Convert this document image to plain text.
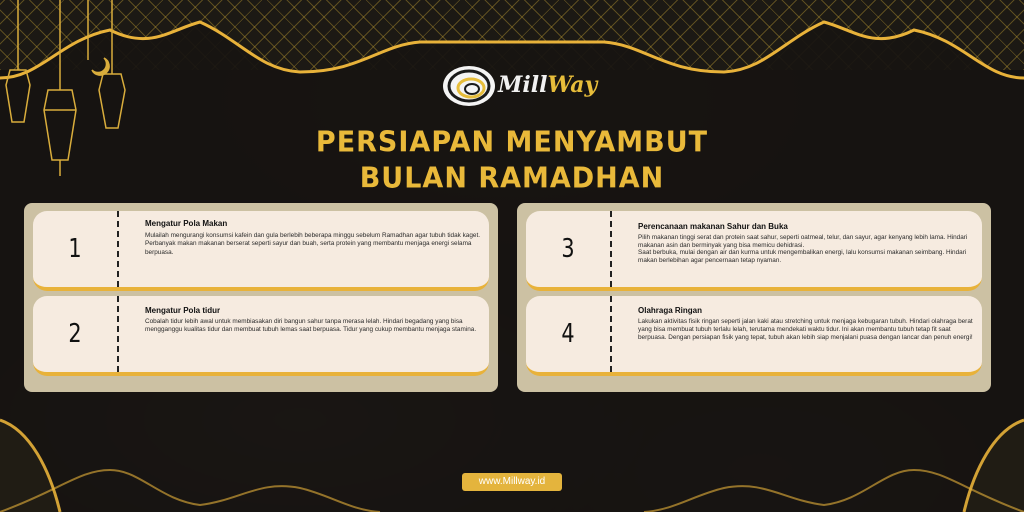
MillWay
PERSIAPAN MENYAMBUT
BULAN RAMADHAN
1
Mengatur Pola Makan
Mulailah mengurangi konsumsi kafein dan gula berlebih beberapa minggu sebelum Ramadhan agar tubuh tidak kaget. Perbanyak makan makanan berserat seperti sayur dan buah, serta protein yang membantu menjaga energi selama berpuasa.
2
Mengatur Pola tidur
Cobalah tidur lebih awal untuk membiasakan diri bangun sahur tanpa merasa lelah. Hindari begadang yang bisa mengganggu kualitas tidur dan membuat tubuh lemas saat berpuasa. Tidur yang cukup membantu menjaga stamina.
3
Perencanaan makanan Sahur dan Buka
Pilih makanan tinggi serat dan protein saat sahur, seperti oatmeal, telur, dan sayur, agar kenyang lebih lama. Hindari makanan asin dan berminyak yang bisa memicu dehidrasi.
Saat berbuka, mulai dengan air dan kurma untuk mengembalikan energi, lalu konsumsi makanan seimbang. Hindari makan berlebihan agar pencernaan tetap nyaman.
4
Olahraga Ringan
Lakukan aktivitas fisik ringan seperti jalan kaki atau stretching untuk menjaga kebugaran tubuh. Hindari olahraga berat yang bisa membuat tubuh terlalu lelah, terutama mendekati waktu tidur. Ini akan membantu tubuh tetap fit saat berpuasa. Dengan persiapan fisik yang tepat, tubuh akan lebih siap menjalani puasa dengan lancar dan penuh energi!
www.Millway.id
